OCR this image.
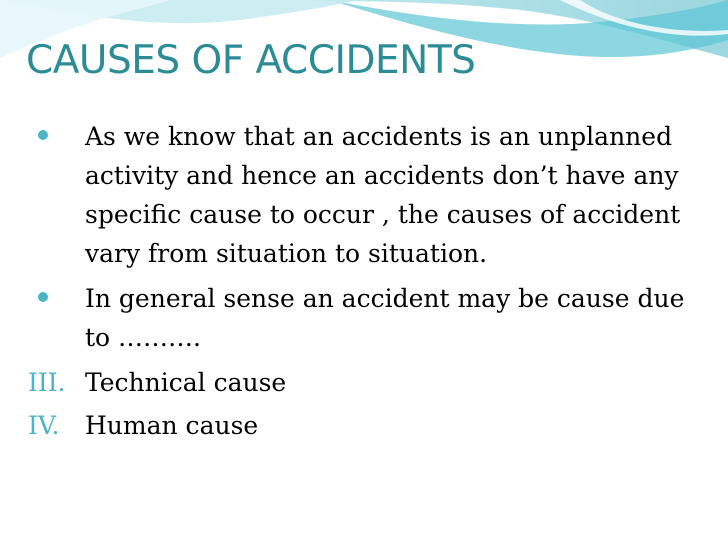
CAUSES OF ACCIDENTS

As we know that an accidents is an unplanned activity and hence an accidents don’t have any specific cause to occur , the causes of accident vary from situation to situation.

In general sense an accident may be cause due to ……….

III. Technical cause

IV. Human cause
